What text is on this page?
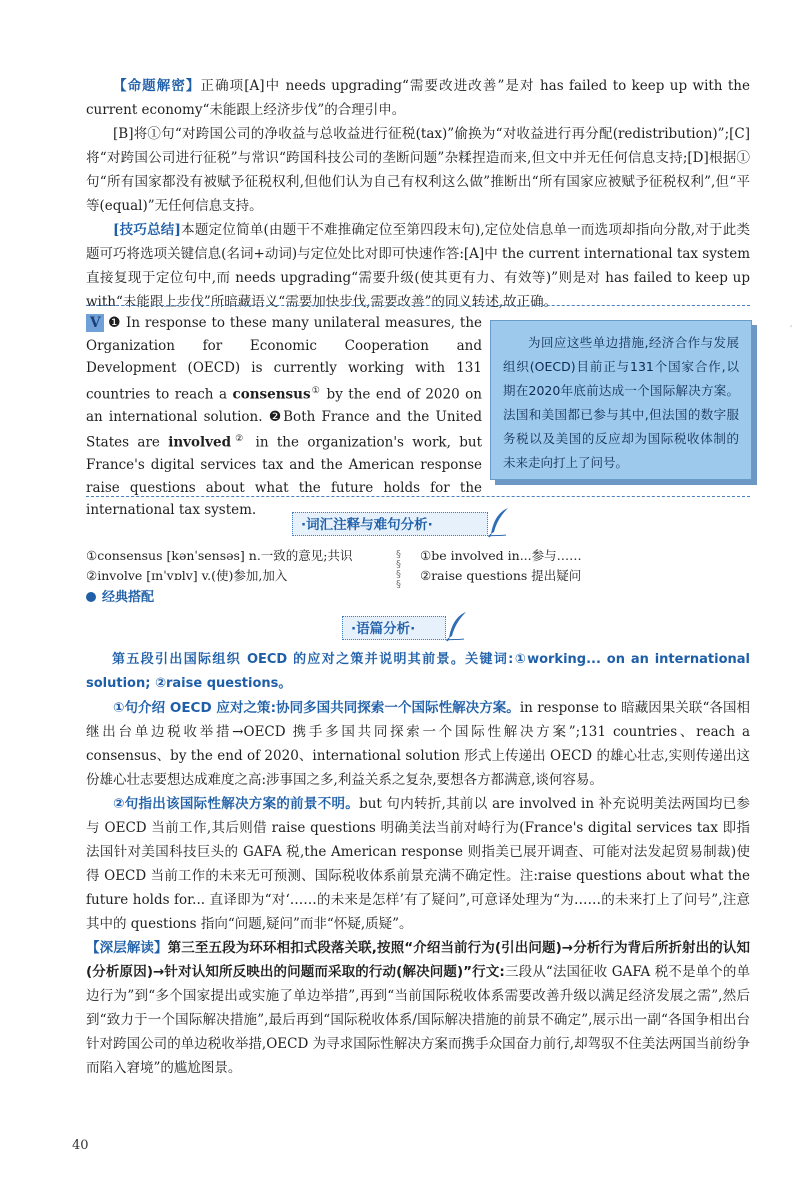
【命题解密】正确项[A]中 needs upgrading“需要改进改善”是对 has failed to keep up with the current economy“未能跟上经济步伐”的合理引申。
[B]将①句“对跨国公司的净收益与总收益进行征税(tax)”偷换为“对收益进行再分配(redistribution)”;[C]将“对跨国公司进行征税”与常识“跨国科技公司的垄断问题”杂糅捏造而来,但文中并无任何信息支持;[D]根据①句“所有国家都没有被赋予征税权利,但他们认为自己有权利这么做”推断出“所有国家应被赋予征税权利”,但“平等(equal)”无任何信息支持。
[技巧总结]本题定位简单(由题干不难推确定位至第四段末句),定位处信息单一而选项却指向分散,对于此类题可巧将选项关键信息(名词+动词)与定位处比对即可快速作答:[A]中 the current international tax system 直接复现于定位句中,而 needs upgrading“需要升级(使其更有力、有效等)”则是对 has failed to keep up with“未能跟上步伐”所暗藏语义“需要加快步伐,需要改善”的同义转述,故正确。
′
V ❶ In response to these many unilateral measures, the Organization for Economic Cooperation and Development (OECD) is currently working with 131 countries to reach a consensus① by the end of 2020 on an international solution. ❷Both France and the United States are involved② in the organization's work, but France's digital services tax and the American response raise questions about what the future holds for the international tax system.
为回应这些单边措施,经济合作与发展组织(OECD)目前正与131个国家合作,以期在2020年底前达成一个国际解决方案。法国和美国都已参与其中,但法国的数字服务税以及美国的反应却为国际税收体制的未来走向打上了问号。
·词汇注释与难句分析·
①consensus [kənˈsensəs] n.一致的意见;共识
②involve [ɪnˈvɒlv] v.(使)参加,加入
§
§
§
§
①be involved in...参与……
②raise questions 提出疑问
经典搭配
·语篇分析·
第五段引出国际组织 OECD 的应对之策并说明其前景。关键词:①working... on an international solution; ②raise questions。
①句介绍 OECD 应对之策:协同多国共同探索一个国际性解决方案。in response to 暗藏因果关联“各国相继出台单边税收举措→OECD 携手多国共同探索一个国际性解决方案”;131 countries、reach a consensus、by the end of 2020、international solution 形式上传递出 OECD 的雄心壮志,实则传递出这份雄心壮志要想达成难度之高:涉事国之多,利益关系之复杂,要想各方都满意,谈何容易。
②句指出该国际性解决方案的前景不明。but 句内转折,其前以 are involved in 补充说明美法两国均已参与 OECD 当前工作,其后则借 raise questions 明确美法当前对峙行为(France's digital services tax 即指法国针对美国科技巨头的 GAFA 税,the American response 则指美已展开调查、可能对法发起贸易制裁)使得 OECD 当前工作的未来无可预测、国际税收体系前景充满不确定性。注:raise questions about what the future holds for... 直译即为“对‘……的未来是怎样’有了疑问”,可意译处理为“为……的未来打上了问号”,注意其中的 questions 指向“问题,疑问”而非“怀疑,质疑”。
【深层解读】第三至五段为环环相扣式段落关联,按照“介绍当前行为(引出问题)→分析行为背后所折射出的认知(分析原因)→针对认知所反映出的问题而采取的行动(解决问题)”行文:三段从“法国征收 GAFA 税不是单个的单边行为”到“多个国家提出或实施了单边举措”,再到“当前国际税收体系需要改善升级以满足经济发展之需”,然后到“致力于一个国际解决措施”,最后再到“国际税收体系/国际解决措施的前景不确定”,展示出一副“各国争相出台针对跨国公司的单边税收举措,OECD 为寻求国际性解决方案而携手众国奋力前行,却驾驭不住美法两国当前纷争而陷入窘境”的尴尬图景。
40
